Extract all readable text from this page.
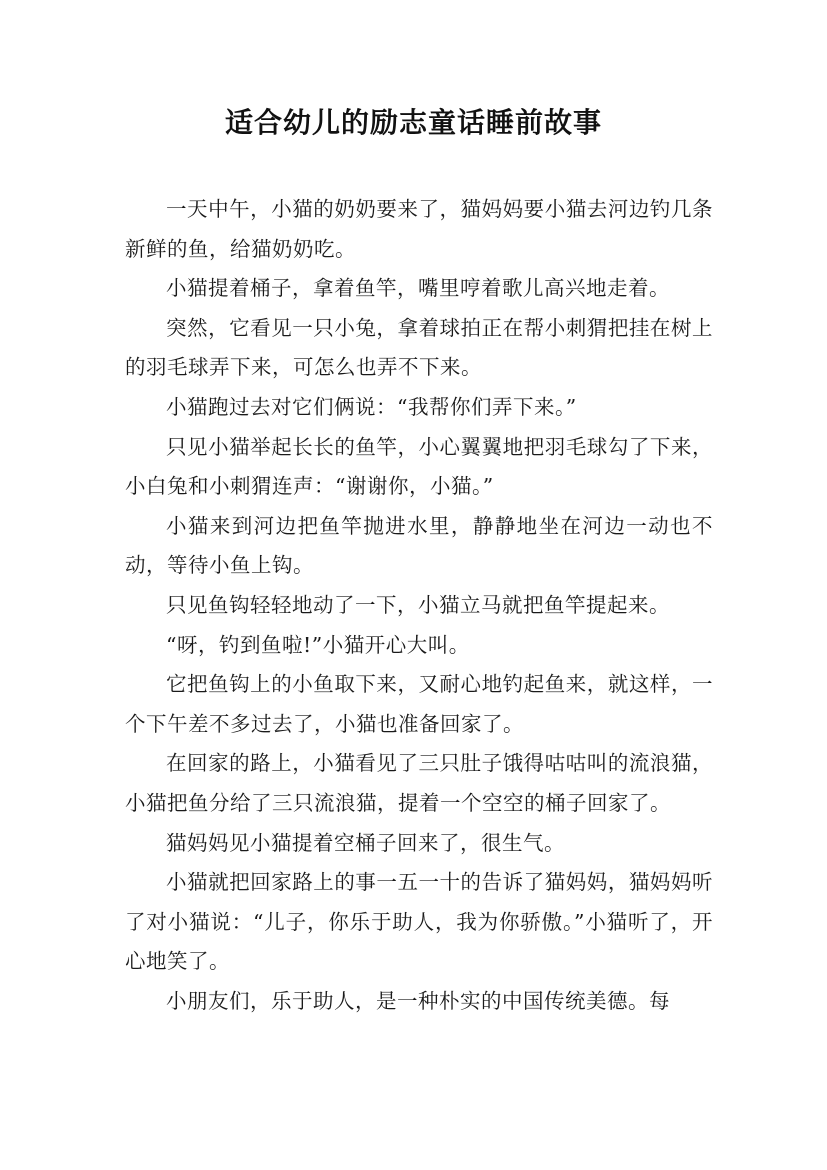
适合幼儿的励志童话睡前故事

一天中午，小猫的奶奶要来了，猫妈妈要小猫去河边钓几条新鲜的鱼，给猫奶奶吃。

小猫提着桶子，拿着鱼竿，嘴里哼着歌儿高兴地走着。

突然，它看见一只小兔，拿着球拍正在帮小刺猬把挂在树上的羽毛球弄下来，可怎么也弄不下来。

小猫跑过去对它们俩说：“我帮你们弄下来。”

只见小猫举起长长的鱼竿，小心翼翼地把羽毛球勾了下来，小白兔和小刺猬连声：“谢谢你，小猫。”

小猫来到河边把鱼竿抛进水里，静静地坐在河边一动也不动，等待小鱼上钩。

只见鱼钩轻轻地动了一下，小猫立马就把鱼竿提起来。

“呀，钓到鱼啦!”小猫开心大叫。

它把鱼钩上的小鱼取下来，又耐心地钓起鱼来，就这样，一个下午差不多过去了，小猫也准备回家了。

在回家的路上，小猫看见了三只肚子饿得咕咕叫的流浪猫，小猫把鱼分给了三只流浪猫，提着一个空空的桶子回家了。

猫妈妈见小猫提着空桶子回来了，很生气。

小猫就把回家路上的事一五一十的告诉了猫妈妈，猫妈妈听了对小猫说：“儿子，你乐于助人，我为你骄傲。”小猫听了，开心地笑了。

小朋友们，乐于助人，是一种朴实的中国传统美德。每
